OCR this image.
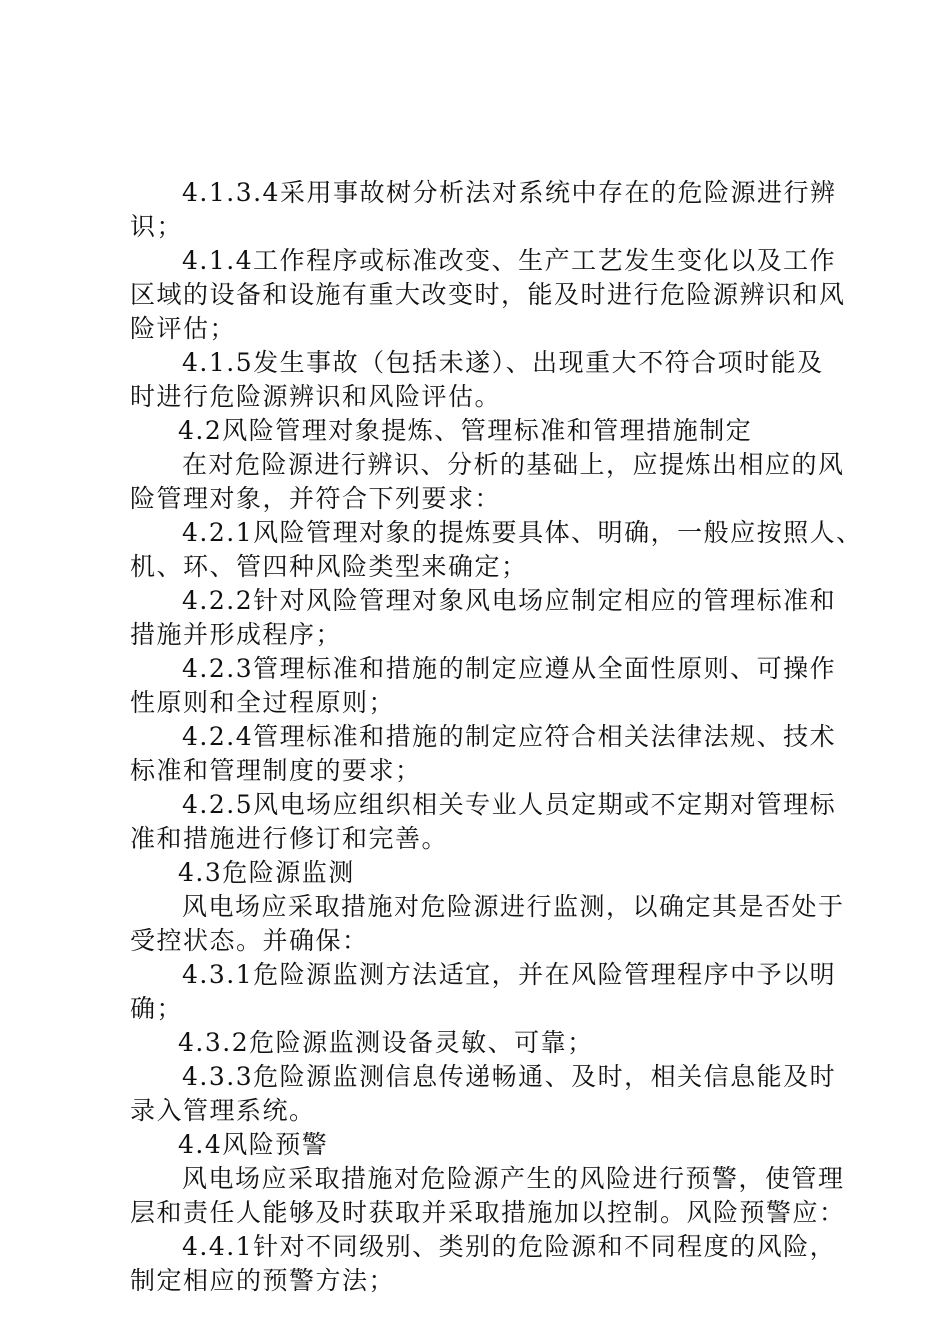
4.1.3.4采用事故树分析法对系统中存在的危险源进行辨
识；
4.1.4工作程序或标准改变、生产工艺发生变化以及工作
区域的设备和设施有重大改变时，能及时进行危险源辨识和风
险评估；
4.1.5发生事故（包括未遂）、出现重大不符合项时能及
时进行危险源辨识和风险评估。
4.2风险管理对象提炼、管理标准和管理措施制定
在对危险源进行辨识、分析的基础上，应提炼出相应的风
险管理对象，并符合下列要求：
4.2.1风险管理对象的提炼要具体、明确，一般应按照人、
机、环、管四种风险类型来确定；
4.2.2针对风险管理对象风电场应制定相应的管理标准和
措施并形成程序；
4.2.3管理标准和措施的制定应遵从全面性原则、可操作
性原则和全过程原则；
4.2.4管理标准和措施的制定应符合相关法律法规、技术
标准和管理制度的要求；
4.2.5风电场应组织相关专业人员定期或不定期对管理标
准和措施进行修订和完善。
4.3危险源监测
风电场应采取措施对危险源进行监测，以确定其是否处于
受控状态。并确保：
4.3.1危险源监测方法适宜，并在风险管理程序中予以明
确；
4.3.2危险源监测设备灵敏、可靠；
4.3.3危险源监测信息传递畅通、及时，相关信息能及时
录入管理系统。
4.4风险预警
风电场应采取措施对危险源产生的风险进行预警，使管理
层和责任人能够及时获取并采取措施加以控制。风险预警应：
4.4.1针对不同级别、类别的危险源和不同程度的风险，
制定相应的预警方法；
